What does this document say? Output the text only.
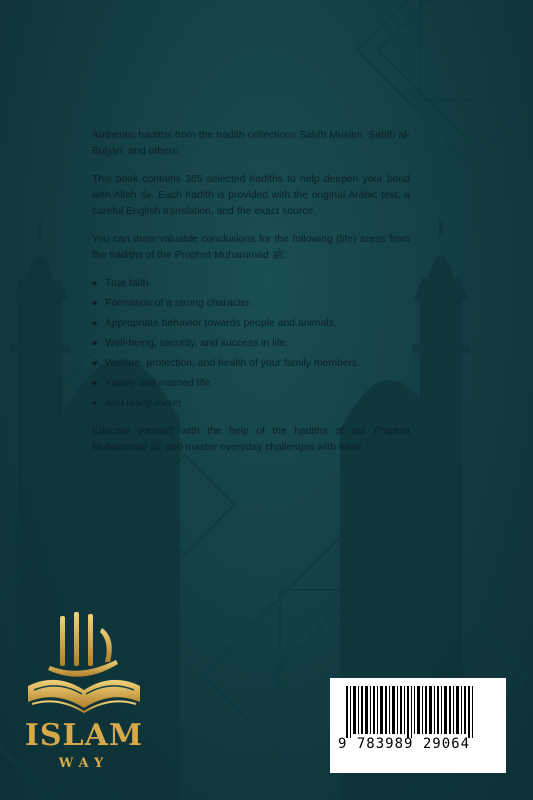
Authentic hadiths from the hadith collections Ṣaḥīḥ Muslim, Ṣaḥīḥ al-Buḫārī, and others.

This book contains 365 selected hadiths to help deepen your bond with Allah ﷻ. Each hadith is provided with the original Arabic text, a careful English translation, and the exact source.

You can draw valuable conclusions for the following (life) areas from the hadiths of the Prophet Muhammad ﷺ:

◆ True faith.
◆ Formation of a strong character.
◆ Appropriate behavior towards people and animals.
◆ Well-being, security, and success in life.
◆ Welfare, protection, and health of your family members.
◆ Family and married life.
◆ And many more!

Educate yourself with the help of the hadiths of our Prophet Muhammad ﷺ and master everyday challenges with ease.

ISLAM
WAY
9 783989 29064
